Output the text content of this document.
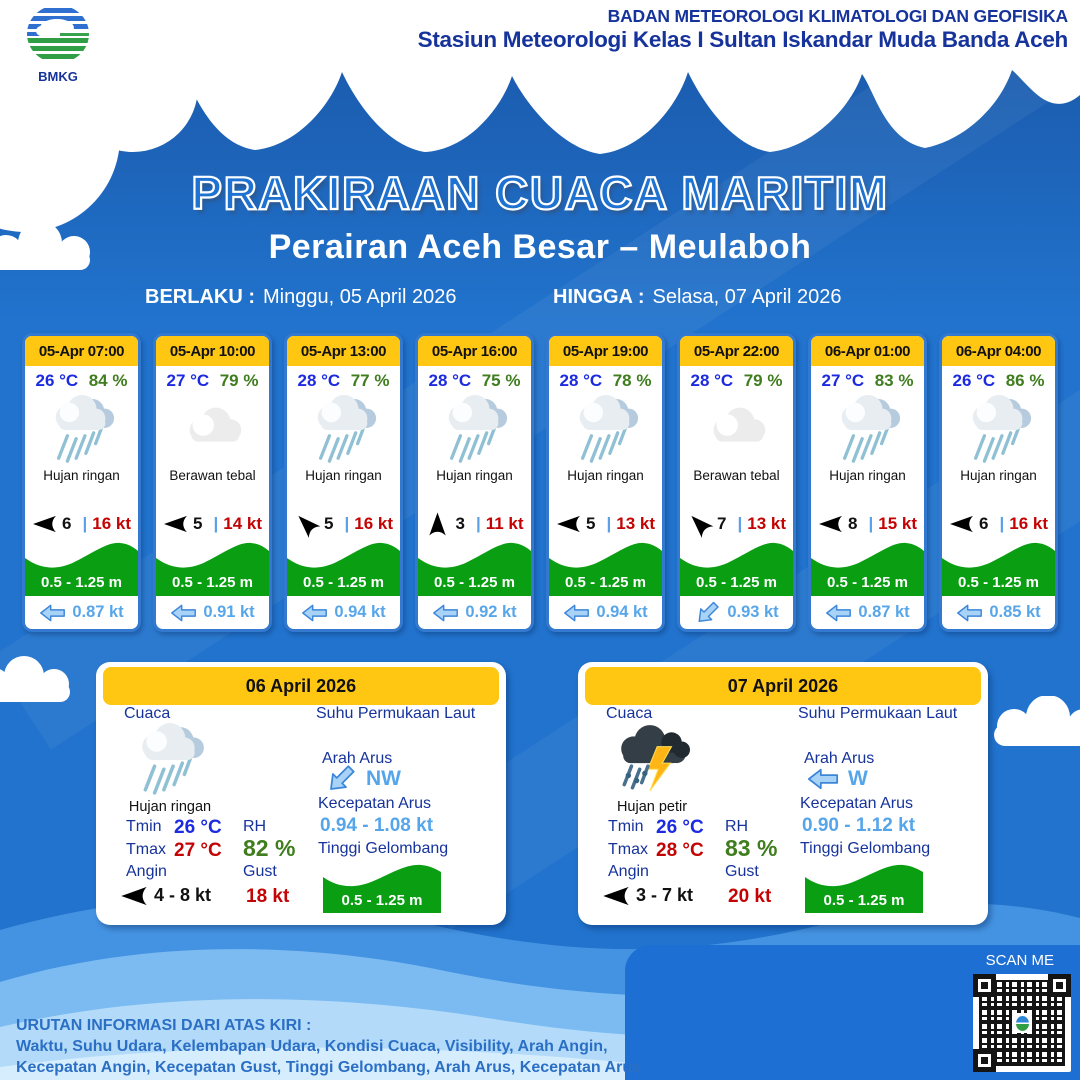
BMKG
BADAN METEOROLOGI KLIMATOLOGI DAN GEOFISIKA
Stasiun Meteorologi Kelas I Sultan Iskandar Muda Banda Aceh
PRAKIRAAN CUACA MARITIM
Perairan Aceh Besar – Meulaboh
BERLAKU : Minggu, 05 April 2026	HINGGA : Selasa, 07 April 2026
05-Apr 07:00
26 °C 84 %
Hujan ringan
6 | 16 kt
0.5 - 1.25 m
0.87 kt
05-Apr 10:00
27 °C 79 %
Berawan tebal
5 | 14 kt
0.5 - 1.25 m
0.91 kt
05-Apr 13:00
28 °C 77 %
Hujan ringan
5 | 16 kt
0.5 - 1.25 m
0.94 kt
05-Apr 16:00
28 °C 75 %
Hujan ringan
3 | 11 kt
0.5 - 1.25 m
0.92 kt
05-Apr 19:00
28 °C 78 %
Hujan ringan
5 | 13 kt
0.5 - 1.25 m
0.94 kt
05-Apr 22:00
28 °C 79 %
Berawan tebal
7 | 13 kt
0.5 - 1.25 m
0.93 kt
06-Apr 01:00
27 °C 83 %
Hujan ringan
8 | 15 kt
0.5 - 1.25 m
0.87 kt
06-Apr 04:00
26 °C 86 %
Hujan ringan
6 | 16 kt
0.5 - 1.25 m
0.85 kt
06 April 2026
Cuaca	Suhu Permukaan Laut
Hujan ringan
Tmin 26 °C
Tmax 27 °C
Angin
4 - 8 kt
RH
82 %
Gust
18 kt
Arah Arus
NW
Kecepatan Arus
0.94 - 1.08 kt
Tinggi Gelombang
0.5 - 1.25 m
07 April 2026
Cuaca	Suhu Permukaan Laut
Hujan petir
Tmin 26 °C
Tmax 28 °C
Angin
3 - 7 kt
RH
83 %
Gust
20 kt
Arah Arus
W
Kecepatan Arus
0.90 - 1.12 kt
Tinggi Gelombang
0.5 - 1.25 m
URUTAN INFORMASI DARI ATAS KIRI :
Waktu, Suhu Udara, Kelembapan Udara, Kondisi Cuaca, Visibility, Arah Angin,
Kecepatan Angin, Kecepatan Gust, Tinggi Gelombang, Arah Arus, Kecepatan Arus
SCAN ME
